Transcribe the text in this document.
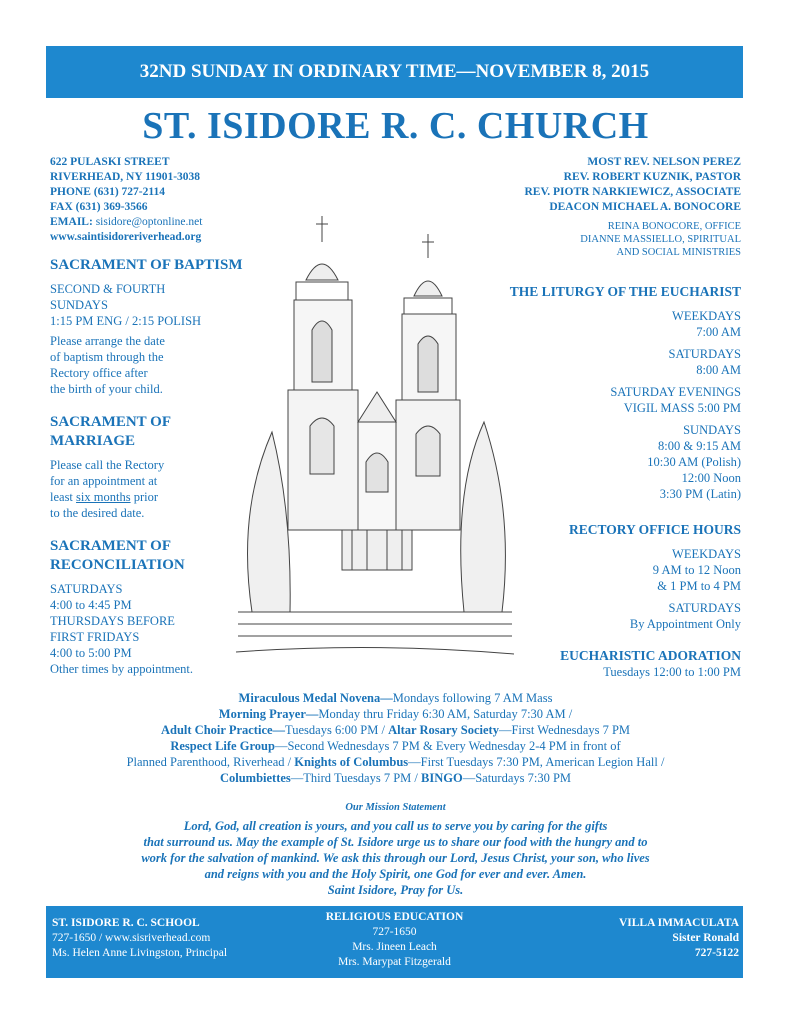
32ND SUNDAY IN ORDINARY TIME—NOVEMBER 8, 2015
ST. ISIDORE R. C. CHURCH
622 PULASKI STREET
RIVERHEAD, NY 11901-3038
PHONE (631) 727-2114
FAX (631) 369-3566
EMAIL: sisidore@optonline.net
www.saintisidoreriverhead.org
MOST REV. NELSON PEREZ
REV. ROBERT KUZNIK, PASTOR
REV. PIOTR NARKIEWICZ, ASSOCIATE
DEACON MICHAEL A. BONOCORE
REINA BONOCORE, OFFICE
DIANNE MASSIELLO, SPIRITUAL
AND SOCIAL MINISTRIES
SACRAMENT OF BAPTISM

SECOND & FOURTH
SUNDAYS
1:15 PM ENG / 2:15 POLISH

Please arrange the date
of baptism through the
Rectory office after
the birth of your child.

SACRAMENT OF
MARRIAGE

Please call the Rectory
for an appointment at
least six months prior
to the desired date.

SACRAMENT OF
RECONCILIATION

SATURDAYS
4:00 to 4:45 PM
THURSDAYS BEFORE
FIRST FRIDAYS
4:00 to 5:00 PM
Other times by appointment.

THE LITURGY OF THE EUCHARIST

WEEKDAYS
7:00 AM

SATURDAYS
8:00 AM

SATURDAY EVENINGS
VIGIL MASS 5:00 PM

SUNDAYS
8:00 & 9:15 AM
10:30 AM (Polish)
12:00 Noon
3:30 PM (Latin)

RECTORY OFFICE HOURS

WEEKDAYS
9 AM to 12 Noon
& 1 PM to 4 PM

SATURDAYS
By Appointment Only

EUCHARISTIC ADORATION

Tuesdays 12:00 to 1:00 PM

Miraculous Medal Novena—Mondays following 7 AM Mass
Morning Prayer—Monday thru Friday 6:30 AM, Saturday 7:30 AM /
Adult Choir Practice—Tuesdays 6:00 PM / Altar Rosary Society—First Wednesdays 7 PM
Respect Life Group—Second Wednesdays 7 PM & Every Wednesday 2-4 PM in front of
Planned Parenthood, Riverhead / Knights of Columbus—First Tuesdays 7:30 PM, American Legion Hall /
Columbiettes—Third Tuesdays 7 PM / BINGO—Saturdays 7:30 PM
Our Mission Statement
Lord, God, all creation is yours, and you call us to serve you by caring for the gifts
that surround us. May the example of St. Isidore urge us to share our food with the hungry and to
work for the salvation of mankind. We ask this through our Lord, Jesus Christ, your son, who lives
and reigns with you and the Holy Spirit, one God for ever and ever. Amen.
Saint Isidore, Pray for Us.
ST. ISIDORE R. C. SCHOOL
727-1650 / www.sisriverhead.com
Ms. Helen Anne Livingston, Principal
RELIGIOUS EDUCATION
727-1650
Mrs. Jineen Leach
Mrs. Marypat Fitzgerald
VILLA IMMACULATA
Sister Ronald
727-5122
